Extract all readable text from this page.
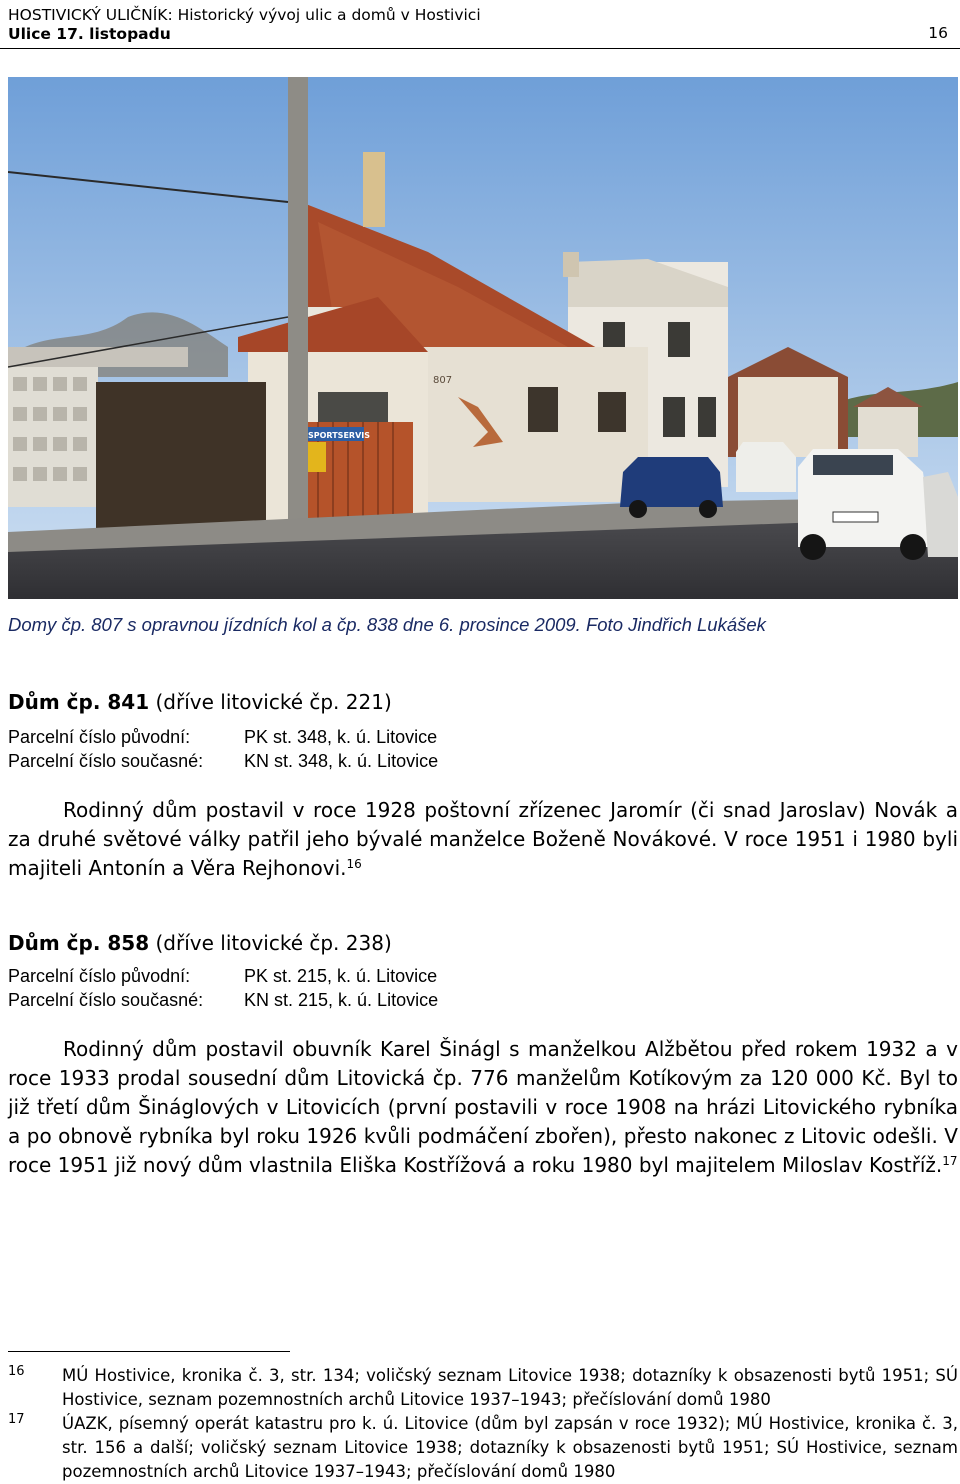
HOSTIVICKÝ ULIČNÍK: Historický vývoj ulic a domů v Hostivici
Ulice 17. listopadu	16
807
SPORTSERVIS
Domy čp. 807 s opravnou jízdních kol a čp. 838 dne 6. prosince 2009. Foto Jindřich Lukášek
Dům čp. 841 (dříve litovické čp. 221)
Parcelní číslo původní:	PK st. 348, k. ú. Litovice
Parcelní číslo současné: KN st. 348, k. ú. Litovice
Rodinný dům postavil v roce 1928 poštovní zřízenec Jaromír (či snad Jaroslav) Novák a za druhé světové války patřil jeho bývalé manželce Boženě Novákové. V roce 1951 i 1980 byli majiteli Antonín a Věra Rejhonovi.$^{16}$
Dům čp. 858 (dříve litovické čp. 238)
Parcelní číslo původní:	PK st. 215, k. ú. Litovice
Parcelní číslo současné: KN st. 215, k. ú. Litovice
Rodinný dům postavil obuvník Karel Šinágl s manželkou Alžbětou před rokem 1932 a v roce 1933 prodal sousední dům Litovická čp. 776 manželům Kotíkovým za 120 000 Kč. Byl to již třetí dům Šináglových v Litovicích (první postavili v roce 1908 na hrázi Litovického rybníka a po obnově rybníka byl roku 1926 kvůli podmáčení zbořen), přesto nakonec z Litovic odešli. V roce 1951 již nový dům vlastnila Eliška Kostřížová a roku 1980 byl majitelem Miloslav Kostříž.$^{17}$
16 MÚ Hostivice, kronika č. 3, str. 134; voličský seznam Litovice 1938; dotazníky k obsazenosti bytů 1951; SÚ Hostivice, seznam pozemnostních archů Litovice 1937–1943; přečíslování domů 1980
17 ÚAZK, písemný operát katastru pro k. ú. Litovice (dům byl zapsán v roce 1932); MÚ Hostivice, kronika č. 3, str. 156 a další; voličský seznam Litovice 1938; dotazníky k obsazenosti bytů 1951; SÚ Hostivice, seznam pozemnostních archů Litovice 1937–1943; přečíslování domů 1980
